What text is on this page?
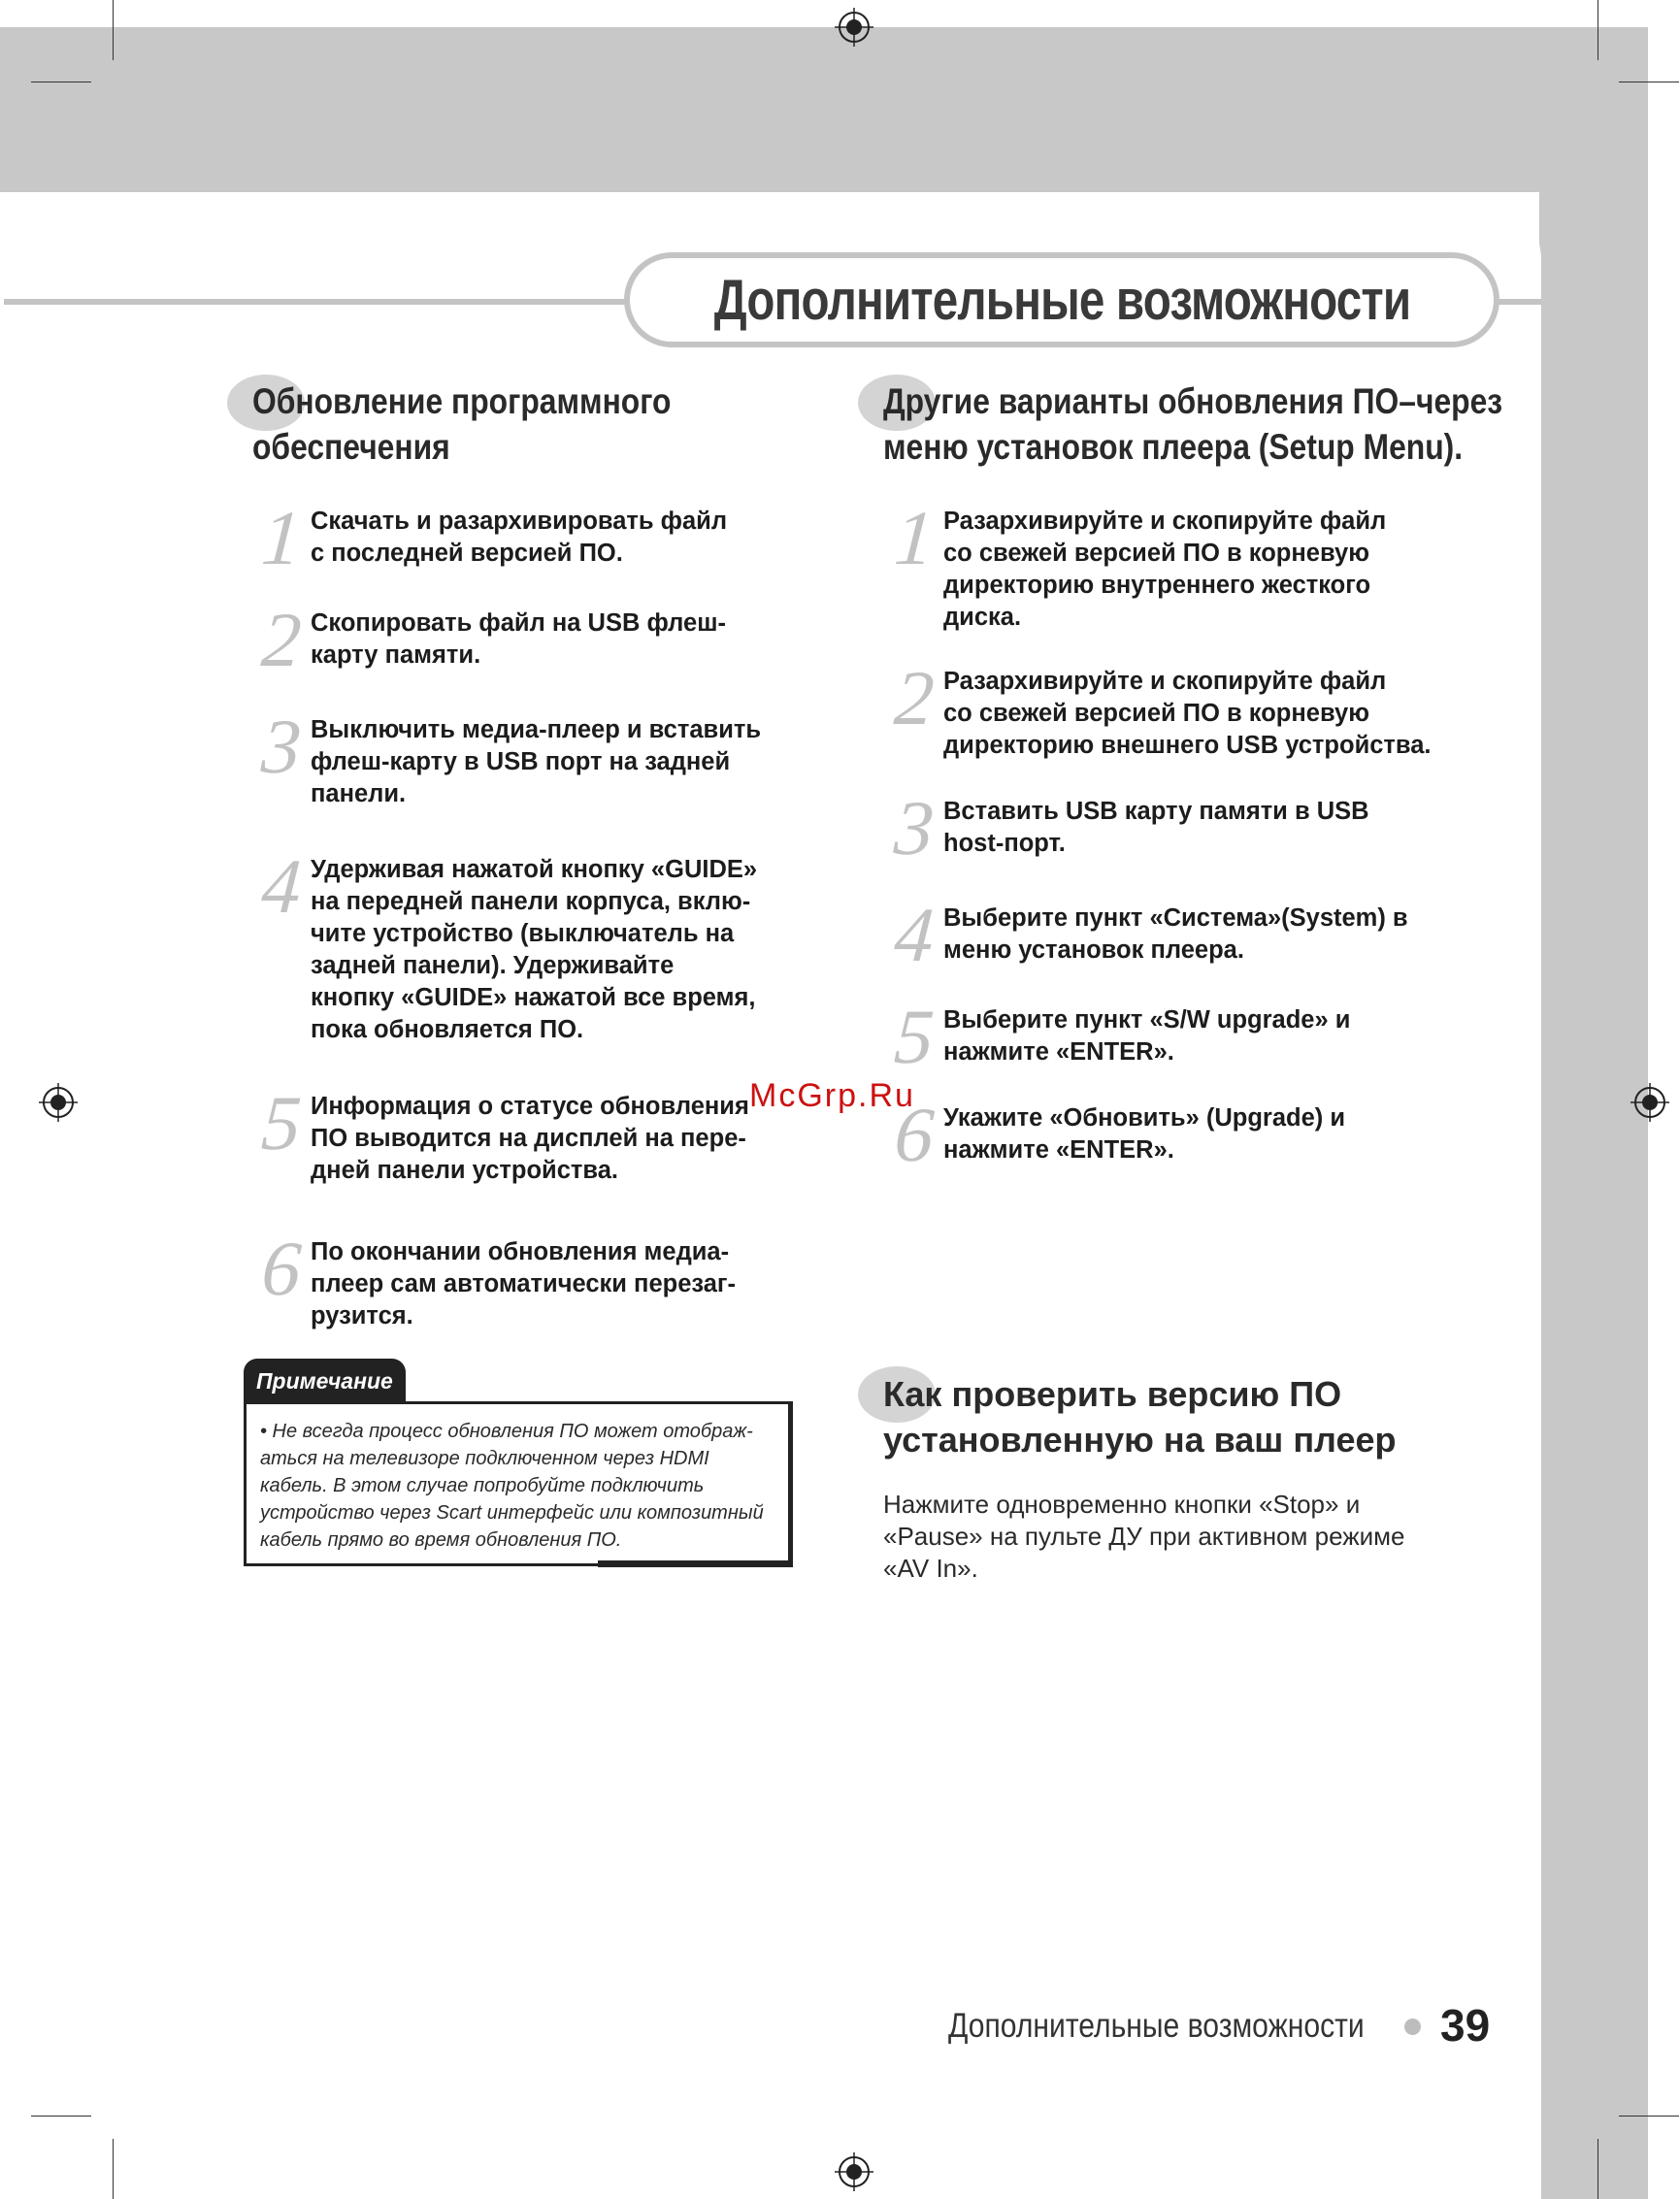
Дополнительные возможности
Обновление программного
обеспечения
1 Скачать и разархивировать файл
с последней версией ПО.
2 Скопировать файл на USB флеш-
карту памяти.
3 Выключить медиа-плеер и вставить
флеш-карту в USB порт на задней
панели.
4 Удерживая нажатой кнопку «GUIDE»
на передней панели корпуса, вклю-
чите устройство (выключатель на
задней панели). Удерживайте
кнопку «GUIDE» нажатой все время,
пока обновляется ПО.
5 Информация о статусе обновления
ПО выводится на дисплей на пере-
дней панели устройства.
6 По окончании обновления медиа-
плеер сам автоматически перезаг-
рузится.
Примечание
• Не всегда процесс обновления ПО может отображ-
аться на телевизоре подключенном через HDMI
кабель. В этом случае попробуйте подключить
устройство через Scart интерфейс или композитный
кабель прямо во время обновления ПО.
Другие варианты обновления ПО–через
меню установок плеера (Setup Menu).
1 Разархивируйте и скопируйте файл
со свежей версией ПО в корневую
директорию внутреннего жесткого
диска.
2 Разархивируйте и скопируйте файл
со свежей версией ПО в корневую
директорию внешнего USB устройства.
3 Вставить USB карту памяти в USB
host-порт.
4 Выберите пункт «Система»(System) в
меню установок плеера.
5 Выберите пункт «S/W upgrade» и
нажмите «ENTER».
6 Укажите «Обновить» (Upgrade) и
нажмите «ENTER».
McGrp.Ru
Как проверить версию ПО
установленную на ваш плеер
Нажмите одновременно кнопки «Stop» и
«Pause» на пульте ДУ при активном режиме
«AV In».
Дополнительные возможности 39
